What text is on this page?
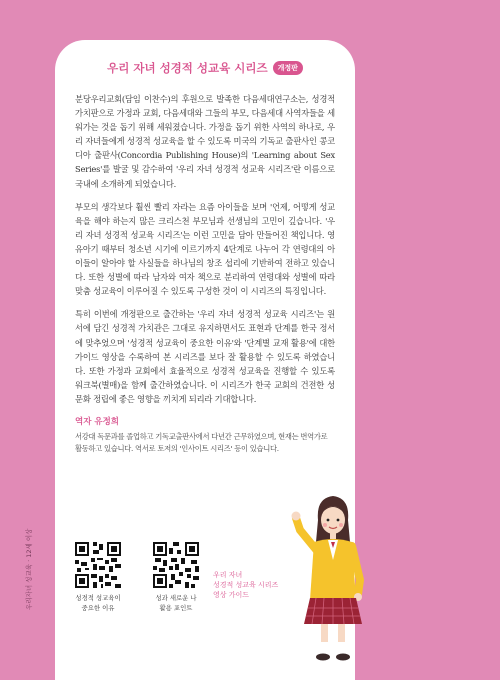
우리 자녀 성경적 성교육 시리즈	개정판

분당우리교회(담임 이찬수)의 후원으로 발족한 다음세대연구소는, 성경적 가치판으로 가정과 교회, 다음세대와 그들의 부모, 다음세대 사역자들을 세워가는 것을 돕기 위해 세워졌습니다. 가정을 돕기 위한 사역의 하나로, 우리 자녀들에게 성경적 성교육을 할 수 있도록 미국의 기독교 출판사인 콩코디아 출판사(Concordia Publishing House)의 'Learning about Sex Series'를 발굴 및 감수하여 '우리 자녀 성경적 성교육 시리즈'란 이름으로 국내에 소개하게 되었습니다.

부모의 생각보다 훨씬 빨리 자라는 요즘 아이들을 보며 '언제, 어떻게 성교육을 해야 하는지 많은 크리스천 부모님과 선생님의 고민이 깊습니다. '우리 자녀 성경적 성교육 시리즈'는 이런 고민을 담아 만들어진 책입니다. 영유아기 때부터 청소년 시기에 이르기까지 4단계로 나누어 각 연령대의 아이들이 알아야 할 사실들을 하나님의 창조 섭리에 기반하여 전하고 있습니다. 또한 성별에 따라 남자와 여자 책으로 분리하여 연령대와 성별에 따라 맞춤 성교육이 이루어질 수 있도록 구성한 것이 이 시리즈의 특징입니다.

특히 이번에 개정판으로 출간하는 '우리 자녀 성경적 성교육 시리즈'는 원서에 담긴 성경적 가치관은 그대로 유지하면서도 표현과 단계를 한국 정서에 맞추었으며 '성경적 성교육이 중요한 이유'와 '단계별 교재 활용'에 대한 가이드 영상을 수록하여 본 시리즈를 보다 잘 활용할 수 있도록 하였습니다. 또한 가정과 교회에서 효율적으로 성경적 성교육을 진행할 수 있도록 워크북(별매)을 함께 출간하였습니다. 이 시리즈가 한국 교회의 건전한 성 문화 정립에 좋은 영향을 끼치게 되리라 기대합니다.

역자 유정희
서강대 독문과를 졸업하고 기독교출판사에서 다년간 근무하였으며, 현재는 번역가로 활동하고 있습니다. 역서로 토저의 '인사이트 시리즈' 등이 있습니다.
성경적 성교육이
중요한 이유
성과 새로운 나
활용 포인트
우리 자녀
성경적 성교육 시리즈
영상 가이드
우리자녀 성교육 · 12세 이상
